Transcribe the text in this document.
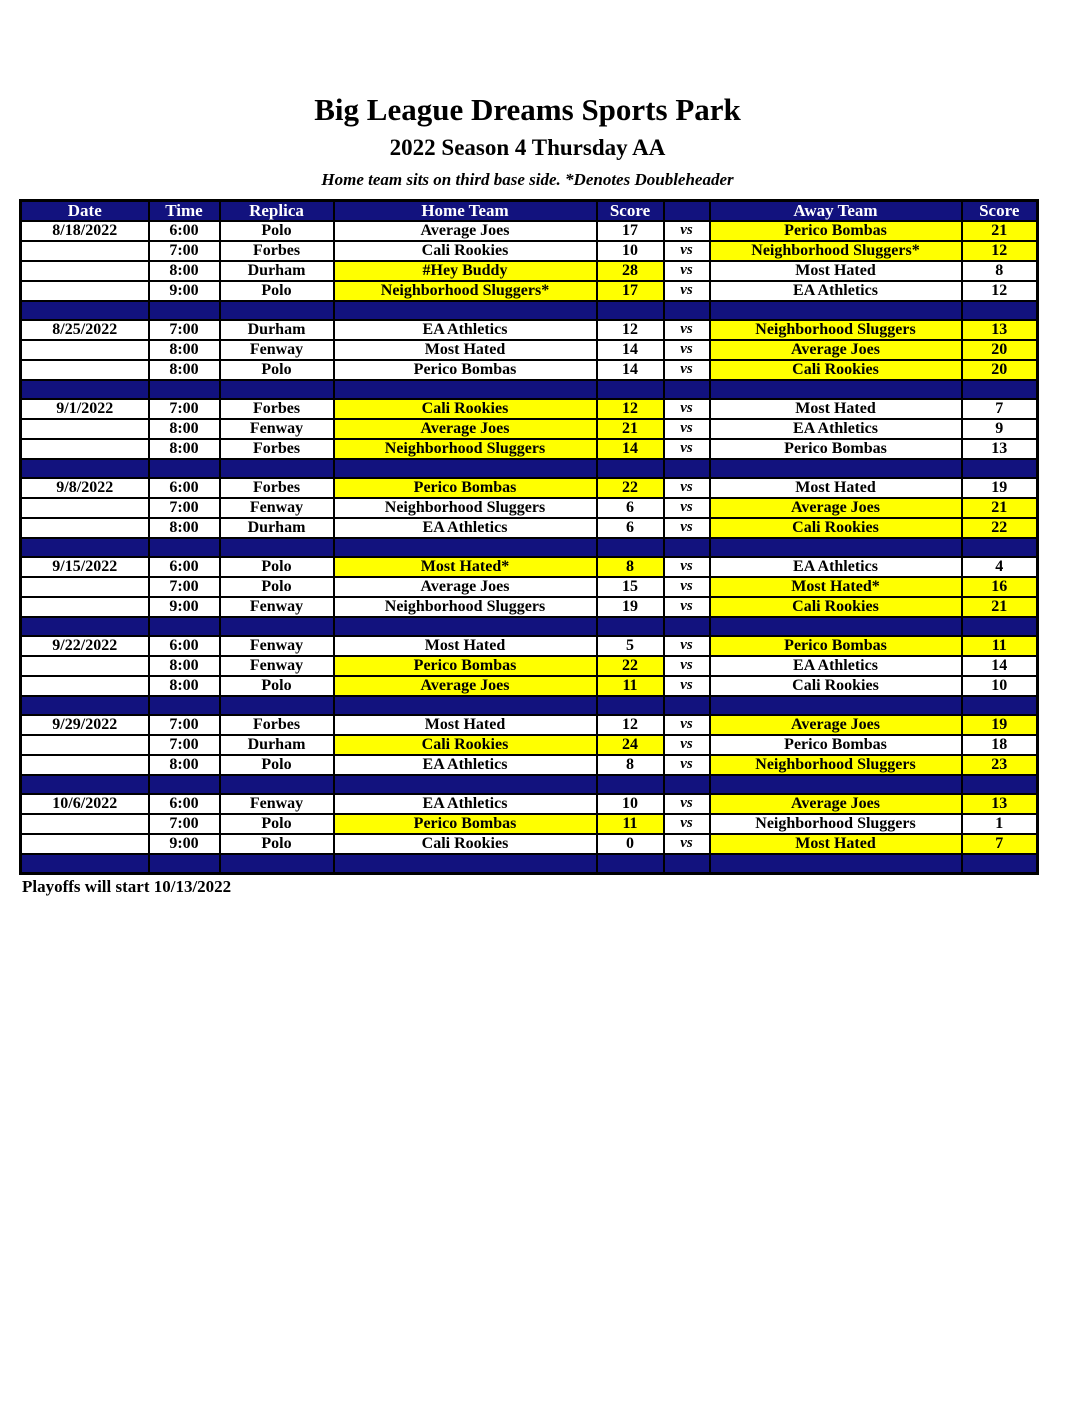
Big League Dreams Sports Park
2022 Season 4 Thursday AA
Home team sits on third base side. *Denotes Doubleheader
Date	Time	Replica	Home Team	Score		Away Team	Score
8/18/2022	6:00	Polo	Average Joes	17	vs	Perico Bombas	21
	7:00	Forbes	Cali Rookies	10	vs	Neighborhood Sluggers*	12
	8:00	Durham	#Hey Buddy	28	vs	Most Hated	8
	9:00	Polo	Neighborhood Sluggers*	17	vs	EA Athletics	12

8/25/2022	7:00	Durham	EA Athletics	12	vs	Neighborhood Sluggers	13
	8:00	Fenway	Most Hated	14	vs	Average Joes	20
	8:00	Polo	Perico Bombas	14	vs	Cali Rookies	20

9/1/2022	7:00	Forbes	Cali Rookies	12	vs	Most Hated	7
	8:00	Fenway	Average Joes	21	vs	EA Athletics	9
	8:00	Forbes	Neighborhood Sluggers	14	vs	Perico Bombas	13

9/8/2022	6:00	Forbes	Perico Bombas	22	vs	Most Hated	19
	7:00	Fenway	Neighborhood Sluggers	6	vs	Average Joes	21
	8:00	Durham	EA Athletics	6	vs	Cali Rookies	22

9/15/2022	6:00	Polo	Most Hated*	8	vs	EA Athletics	4
	7:00	Polo	Average Joes	15	vs	Most Hated*	16
	9:00	Fenway	Neighborhood Sluggers	19	vs	Cali Rookies	21

9/22/2022	6:00	Fenway	Most Hated	5	vs	Perico Bombas	11
	8:00	Fenway	Perico Bombas	22	vs	EA Athletics	14
	8:00	Polo	Average Joes	11	vs	Cali Rookies	10

9/29/2022	7:00	Forbes	Most Hated	12	vs	Average Joes	19
	7:00	Durham	Cali Rookies	24	vs	Perico Bombas	18
	8:00	Polo	EA Athletics	8	vs	Neighborhood Sluggers	23

10/6/2022	6:00	Fenway	EA Athletics	10	vs	Average Joes	13
	7:00	Polo	Perico Bombas	11	vs	Neighborhood Sluggers	1
	9:00	Polo	Cali Rookies	0	vs	Most Hated	7

Playoffs will start 10/13/2022
